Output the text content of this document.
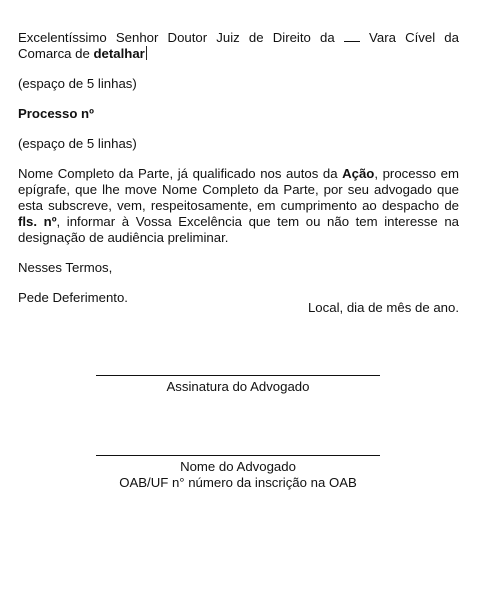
Excelentíssimo Senhor Doutor Juiz de Direito da  Vara Cível da Comarca de detalhar

(espaço de 5 linhas)

Processo nº

(espaço de 5 linhas)

Nome Completo da Parte, já qualificado nos autos da Ação, processo em epígrafe, que lhe move Nome Completo da Parte, por seu advogado que esta subscreve, vem, respeitosamente, em cumprimento ao despacho de fls. nº, informar à Vossa Excelência que tem ou não tem interesse na designação de audiência preliminar.

Nesses Termos,

Pede Deferimento.

Local, dia de mês de ano.
Assinatura do Advogado
Nome do Advogado
OAB/UF n° número da inscrição na OAB
